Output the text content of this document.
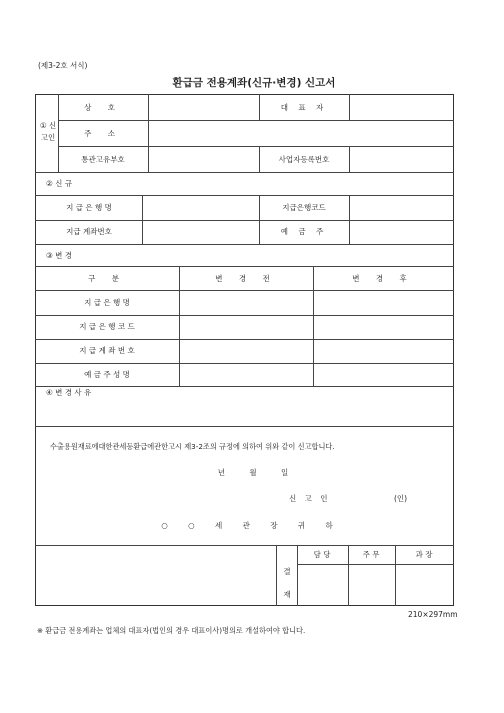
(제3-2호 서식)
환급금 전용계좌(신규·변경) 신고서
① 신고인
상 호	대 표 자
주 소
통관고유부호	사업자등록번호
② 신 규
지 급 은 행 명	지급은행코드
지급 계좌번호	예 금 주
③ 변 경
구 분	변 경 전	변 경 후
지 급 은 행 명
지 급 은 행 코 드
지 급 계 좌 번 호
예 금 주 성 명
④ 변 경 사 유
수출용원재료에대한관세등환급에관한고시 제3-2조의 규정에 의하여 위와 같이 신고합니다.
년 월 일
신 고 인	(인)
○ ○ 세 관 장 귀 하
결재
담 당	주 무	과 장
210×297mm
※ 환급금 전용계좌는 업체의 대표자(법인의 경우 대표이사)명의로 개설하여야 합니다.
